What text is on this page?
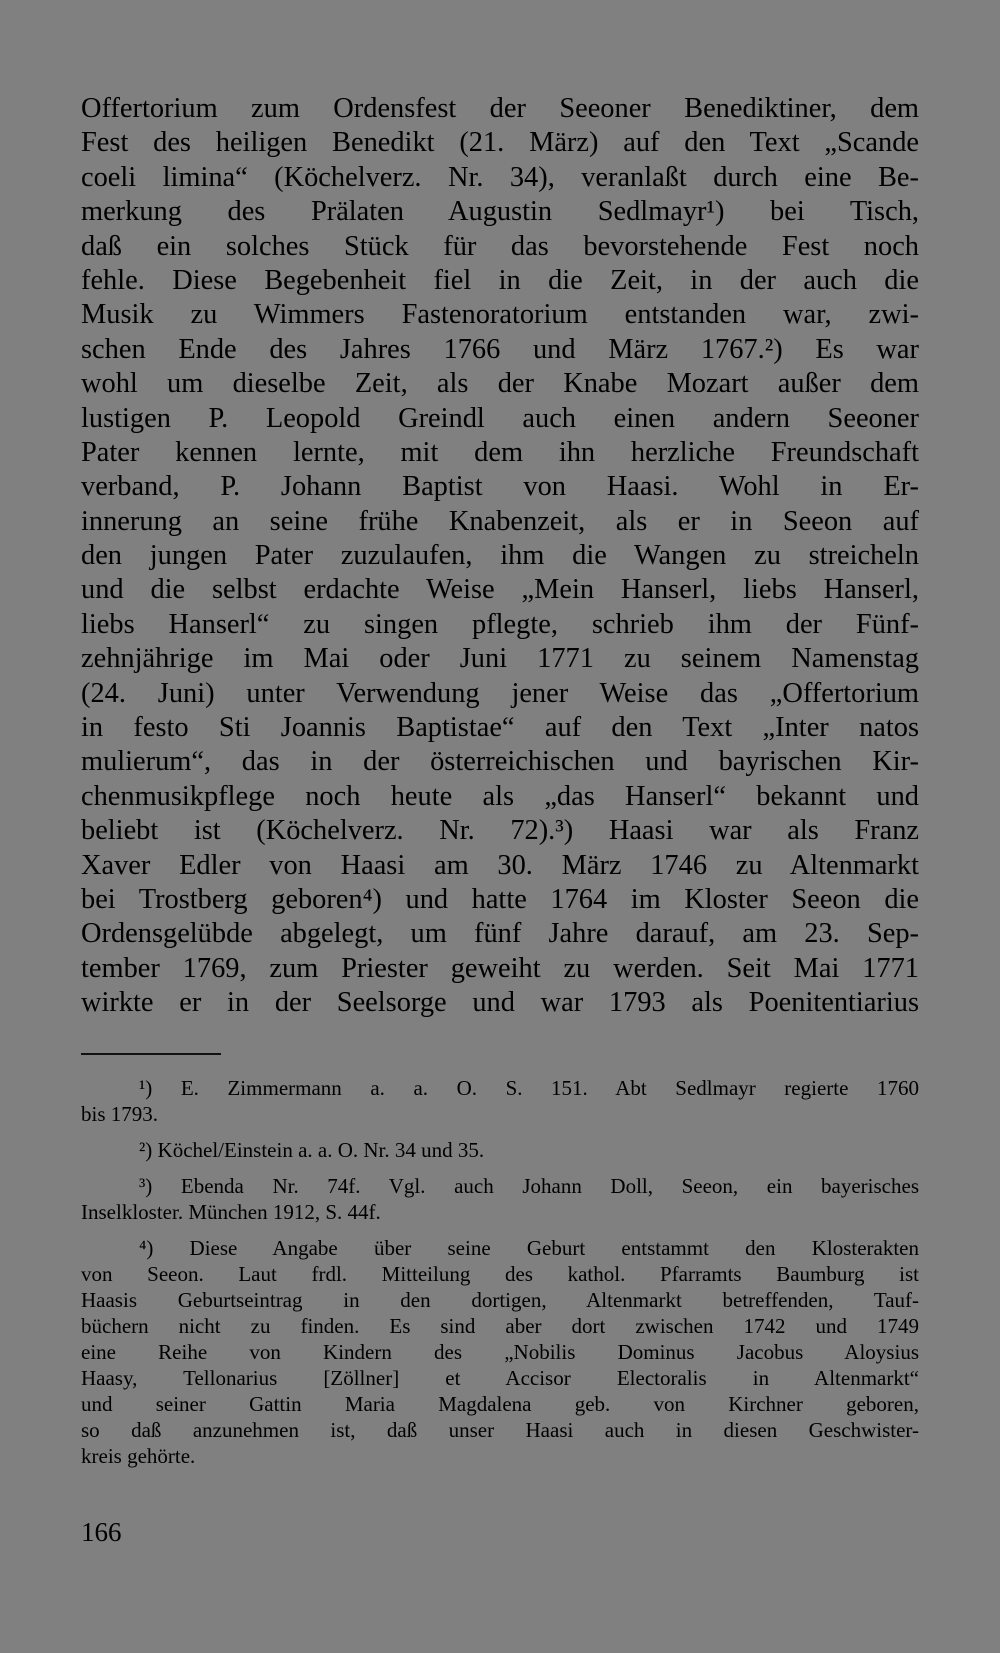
Offertorium zum Ordensfest der Seeoner Benediktiner, dem
Fest des heiligen Benedikt (21. März) auf den Text „Scande
coeli limina“ (Köchelverz. Nr. 34), veranlaßt durch eine Be-
merkung des Prälaten Augustin Sedlmayr¹) bei Tisch,
daß ein solches Stück für das bevorstehende Fest noch
fehle. Diese Begebenheit fiel in die Zeit, in der auch die
Musik zu Wimmers Fastenoratorium entstanden war, zwi-
schen Ende des Jahres 1766 und März 1767.²) Es war
wohl um dieselbe Zeit, als der Knabe Mozart außer dem
lustigen P. Leopold Greindl auch einen andern Seeoner
Pater kennen lernte, mit dem ihn herzliche Freundschaft
verband, P. Johann Baptist von Haasi. Wohl in Er-
innerung an seine frühe Knabenzeit, als er in Seeon auf
den jungen Pater zuzulaufen, ihm die Wangen zu streicheln
und die selbst erdachte Weise „Mein Hanserl, liebs Hanserl,
liebs Hanserl“ zu singen pflegte, schrieb ihm der Fünf-
zehnjährige im Mai oder Juni 1771 zu seinem Namenstag
(24. Juni) unter Verwendung jener Weise das „Offertorium
in festo Sti Joannis Baptistae“ auf den Text „Inter natos
mulierum“, das in der österreichischen und bayrischen Kir-
chenmusikpflege noch heute als „das Hanserl“ bekannt und
beliebt ist (Köchelverz. Nr. 72).³) Haasi war als Franz
Xaver Edler von Haasi am 30. März 1746 zu Altenmarkt
bei Trostberg geboren⁴) und hatte 1764 im Kloster Seeon die
Ordensgelübde abgelegt, um fünf Jahre darauf, am 23. Sep-
tember 1769, zum Priester geweiht zu werden. Seit Mai 1771
wirkte er in der Seelsorge und war 1793 als Poenitentiarius
¹) E. Zimmermann a. a. O. S. 151. Abt Sedlmayr regierte 1760
bis 1793.
²) Köchel/Einstein a. a. O. Nr. 34 und 35.
³) Ebenda Nr. 74f. Vgl. auch Johann Doll, Seeon, ein bayerisches
Inselkloster. München 1912, S. 44f.
⁴) Diese Angabe über seine Geburt entstammt den Klosterakten
von Seeon. Laut frdl. Mitteilung des kathol. Pfarramts Baumburg ist
Haasis Geburtseintrag in den dortigen, Altenmarkt betreffenden, Tauf-
büchern nicht zu finden. Es sind aber dort zwischen 1742 und 1749
eine Reihe von Kindern des „Nobilis Dominus Jacobus Aloysius
Haasy, Tellonarius [Zöllner] et Accisor Electoralis in Altenmarkt“
und seiner Gattin Maria Magdalena geb. von Kirchner geboren,
so daß anzunehmen ist, daß unser Haasi auch in diesen Geschwister-
kreis gehörte.
166
